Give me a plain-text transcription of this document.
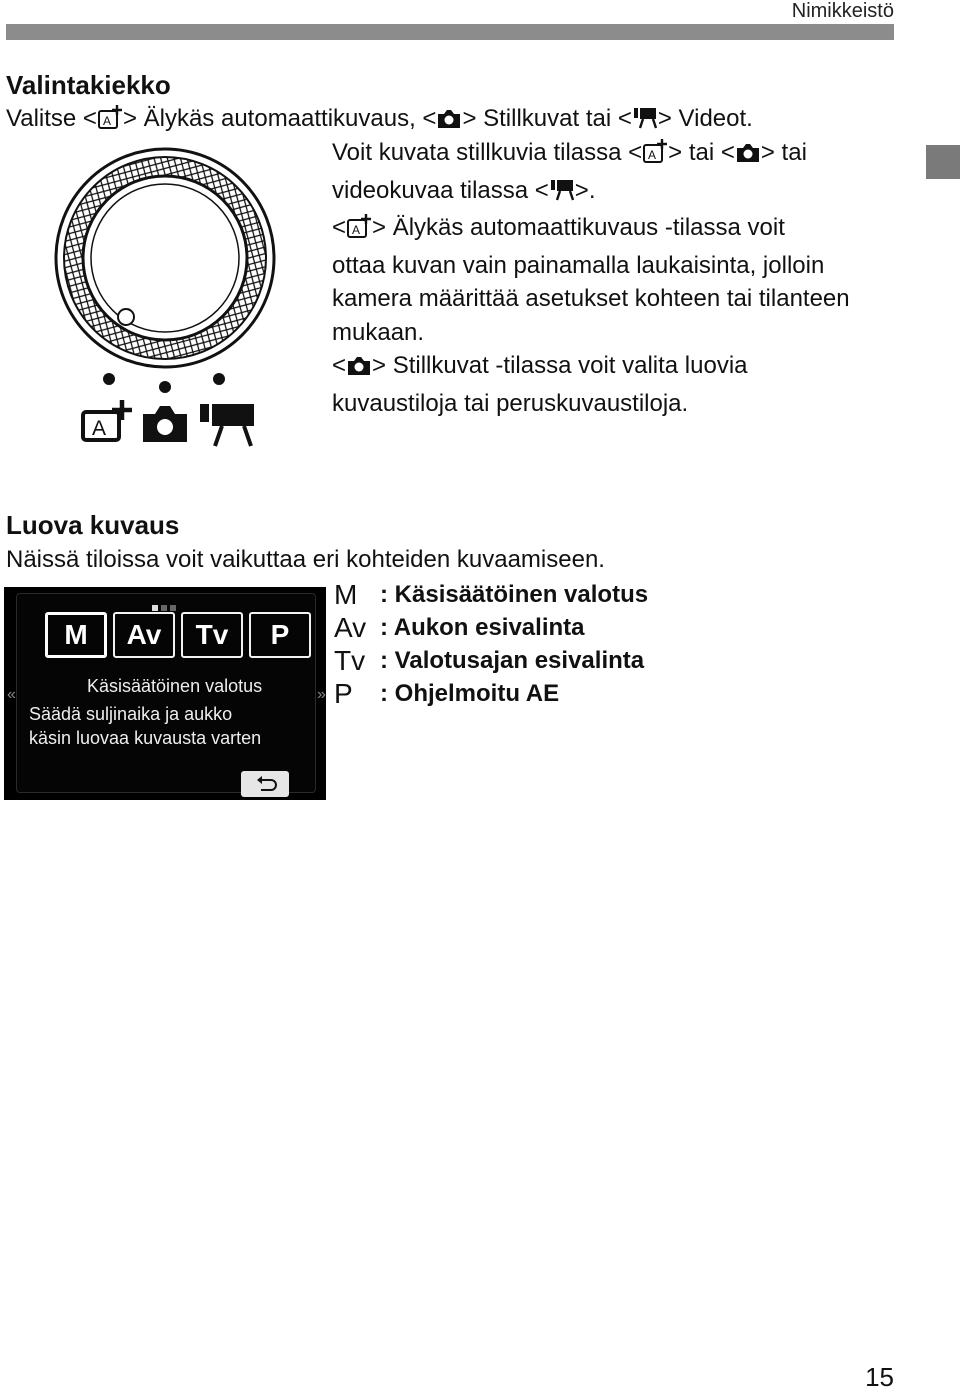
Nimikkeistö
Valintakiekko
Valitse < A > Älykäs automaattikuvaus, < > Stillkuvat tai < > Videot.
A
Voit kuvata stillkuvia tilassa < A > tai < > tai
videokuvaa tilassa < >.
< A > Älykäs automaattikuvaus -tilassa voit
ottaa kuvan vain painamalla laukaisinta, jolloin
kamera määrittää asetukset kohteen tai tilanteen
mukaan.
< > Stillkuvat -tilassa voit valita luovia
kuvaustiloja tai peruskuvaustiloja.
Luova kuvaus
Näissä tiloissa voit vaikuttaa eri kohteiden kuvaamiseen.
M	Av	Tv	P
Käsisäätöinen valotus
Säädä suljinaika ja aukko
käsin luovaa kuvausta varten
«	»
M : Käsisäätöinen valotus
Av : Aukon esivalinta
Tv : Valotusajan esivalinta
P : Ohjelmoitu AE
15
